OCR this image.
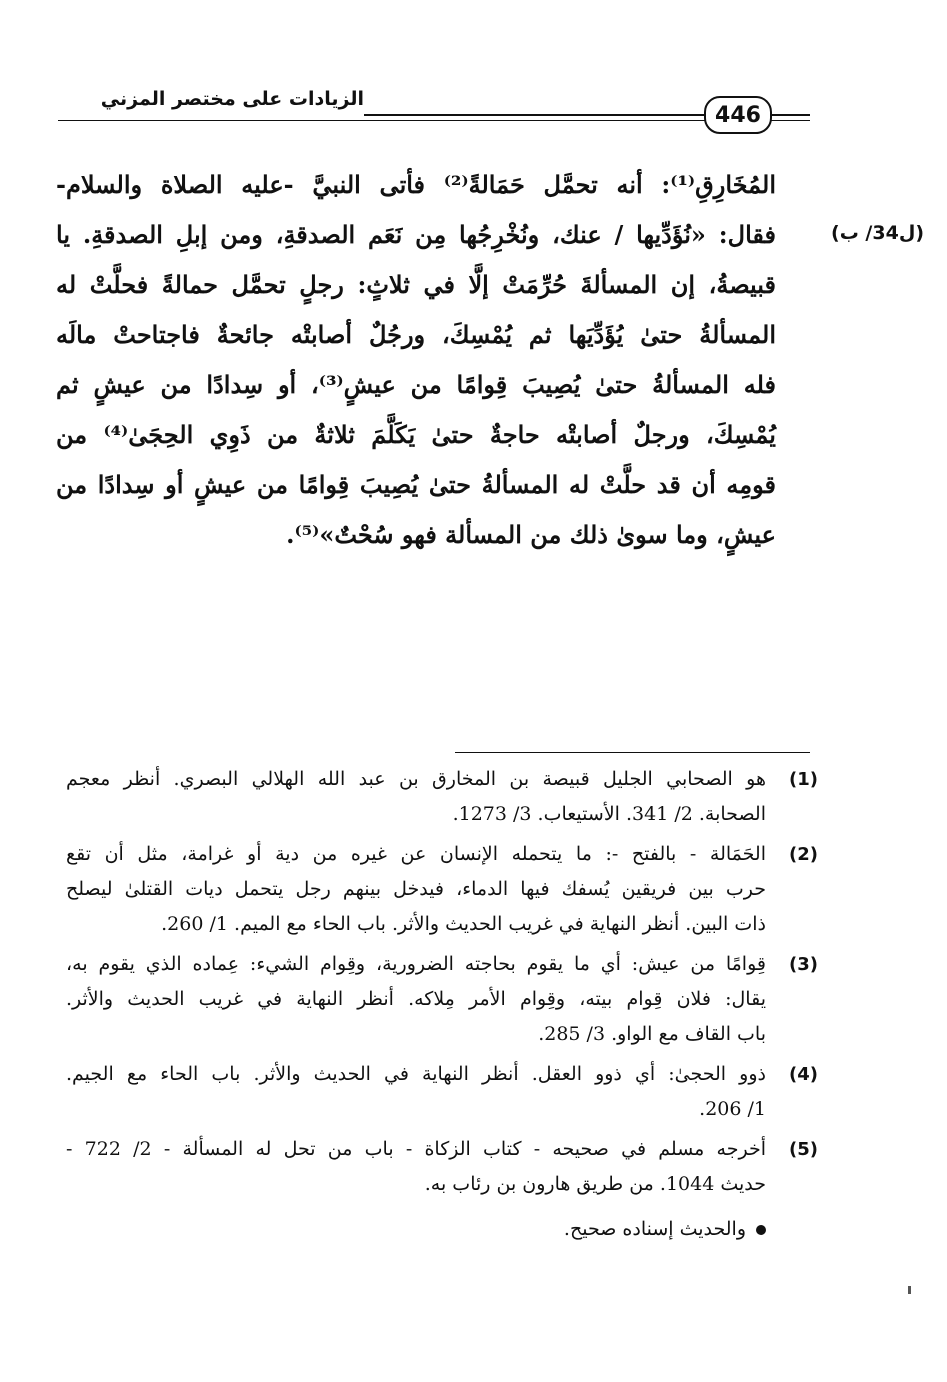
الزيادات على مختصر المزني
446
(ل34/ ب)
المُخَارِقِ⁽¹⁾: أنه تحمَّل حَمَالةً⁽²⁾ فأتى النبيَّ -عليه الصلاة والسلام-
فقال: «نُؤَدِّيها / عنك، ونُخْرِجُها مِن نَعَم الصدقةِ، ومن إبلِ الصدقةِ. يا
قبيصةُ، إن المسألةَ حُرِّمَتْ إلَّا في ثلاثٍ: رجلٍ تحمَّل حمالةً فحلَّتْ له
المسألةُ حتىٰ يُؤَدِّيَها ثم يُمْسِكَ، ورجُلٌ أصابتْه جائحةٌ فاجتاحتْ مالَه
فله المسألةُ حتىٰ يُصِيبَ قِوامًا من عيشٍ⁽³⁾، أو سِدادًا من عيشٍ ثم
يُمْسِكَ، ورجلٌ أصابتْه حاجةٌ حتىٰ يَكَلَّمَ ثلاثةٌ من ذَوِي الحِجَىٰ⁽⁴⁾ من
قومِه أن قد حلَّتْ له المسألةُ حتىٰ يُصِيبَ قِوامًا من عيشٍ أو سِدادًا من
عيشٍ، وما سوىٰ ذلك من المسألة فهو سُحْتٌ»⁽⁵⁾.
(1)
هو الصحابي الجليل قبيصة بن المخارق بن عبد الله الهلالي البصري. أنظر معجم
الصحابة. 2/ 341. الأستيعاب. 3/ 1273.
(2)
الحَمَالة - بالفتح -: ما يتحمله الإنسان عن غيره من دية أو غرامة، مثل أن تقع
حرب بين فريقين يُسفك فيها الدماء، فيدخل بينهم رجل يتحمل ديات القتلىٰ ليصلح
ذات البين. أنظر النهاية في غريب الحديث والأثر. باب الحاء مع الميم. 1/ 260.
(3)
قِوامًا من عيش: أي ما يقوم بحاجته الضرورية، وقِوام الشيء: عِماده الذي يقوم به،
يقال: فلان قِوام بيته، وقِوام الأمر مِلاكه. أنظر النهاية في غريب الحديث والأثر.
باب القاف مع الواو. 3/ 285.
(4)
ذوو الحجىٰ: أي ذوو العقل. أنظر النهاية في الحديث والأثر. باب الحاء مع الجيم.
1/ 206.
(5)
أخرجه مسلم في صحيحه - كتاب الزكاة - باب من تحل له المسألة - 2/ 722 -
حديث 1044. من طريق هارون بن رئاب به.
والحديث إسناده صحيح.
